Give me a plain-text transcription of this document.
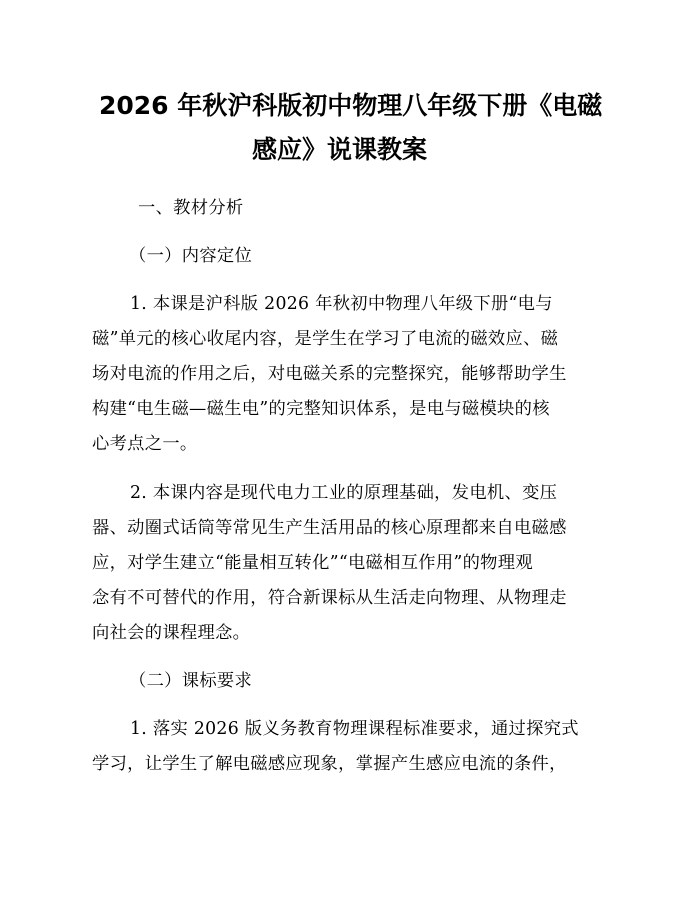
2026 年秋沪科版初中物理八年级下册《电磁
感应》说课教案
一、教材分析
（一）内容定位
1. 本课是沪科版 2026 年秋初中物理八年级下册“电与
磁”单元的核心收尾内容，是学生在学习了电流的磁效应、磁
场对电流的作用之后，对电磁关系的完整探究，能够帮助学生
构建“电生磁—磁生电”的完整知识体系，是电与磁模块的核
心考点之一。
2. 本课内容是现代电力工业的原理基础，发电机、变压
器、动圈式话筒等常见生产生活用品的核心原理都来自电磁感
应，对学生建立“能量相互转化”“电磁相互作用”的物理观
念有不可替代的作用，符合新课标从生活走向物理、从物理走
向社会的课程理念。
（二）课标要求
1. 落实 2026 版义务教育物理课程标准要求，通过探究式
学习，让学生了解电磁感应现象，掌握产生感应电流的条件，
